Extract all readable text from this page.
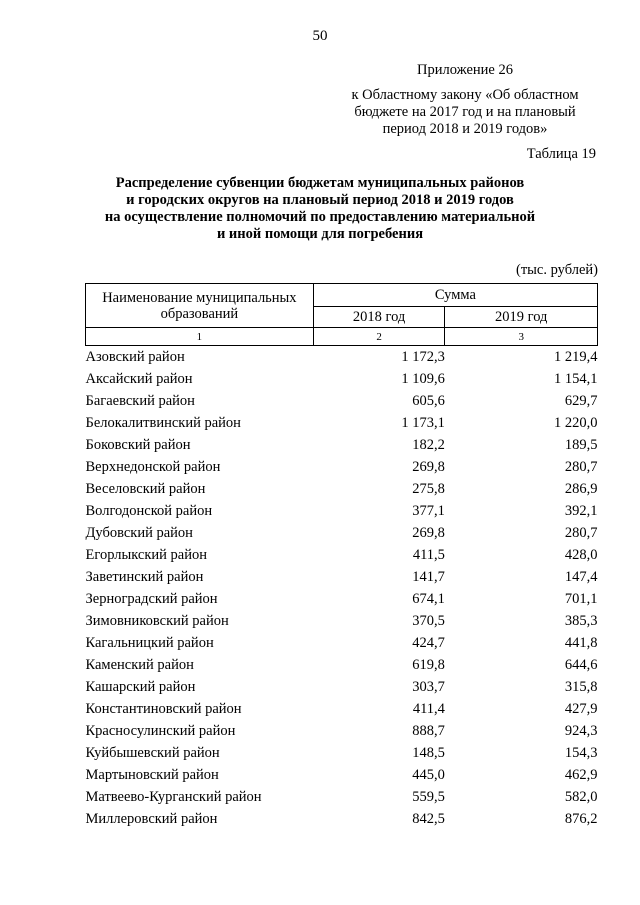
50
Приложение 26
к Областному закону «Об областном
бюджете на 2017 год и на плановый
период 2018 и 2019 годов»
Таблица 19
Распределение субвенции бюджетам муниципальных районов
и городских округов на плановый период 2018 и 2019 годов
на осуществление полномочий по предоставлению материальной
и иной помощи для погребения
(тыс. рублей)
Наименование муниципальных образований	Сумма	
	2018 год	2019 год
1	2	3
Азовский район	1 172,3	1 219,4
Аксайский район	1 109,6	1 154,1
Багаевский район	605,6	629,7
Белокалитвинский район	1 173,1	1 220,0
Боковский район	182,2	189,5
Верхнедонской район	269,8	280,7
Веселовский район	275,8	286,9
Волгодонской район	377,1	392,1
Дубовский район	269,8	280,7
Егорлыкский район	411,5	428,0
Заветинский район	141,7	147,4
Зерноградский район	674,1	701,1
Зимовниковский район	370,5	385,3
Кагальницкий район	424,7	441,8
Каменский район	619,8	644,6
Кашарский район	303,7	315,8
Константиновский район	411,4	427,9
Красносулинский район	888,7	924,3
Куйбышевский район	148,5	154,3
Мартыновский район	445,0	462,9
Матвеево-Курганский район	559,5	582,0
Миллеровский район	842,5	876,2
